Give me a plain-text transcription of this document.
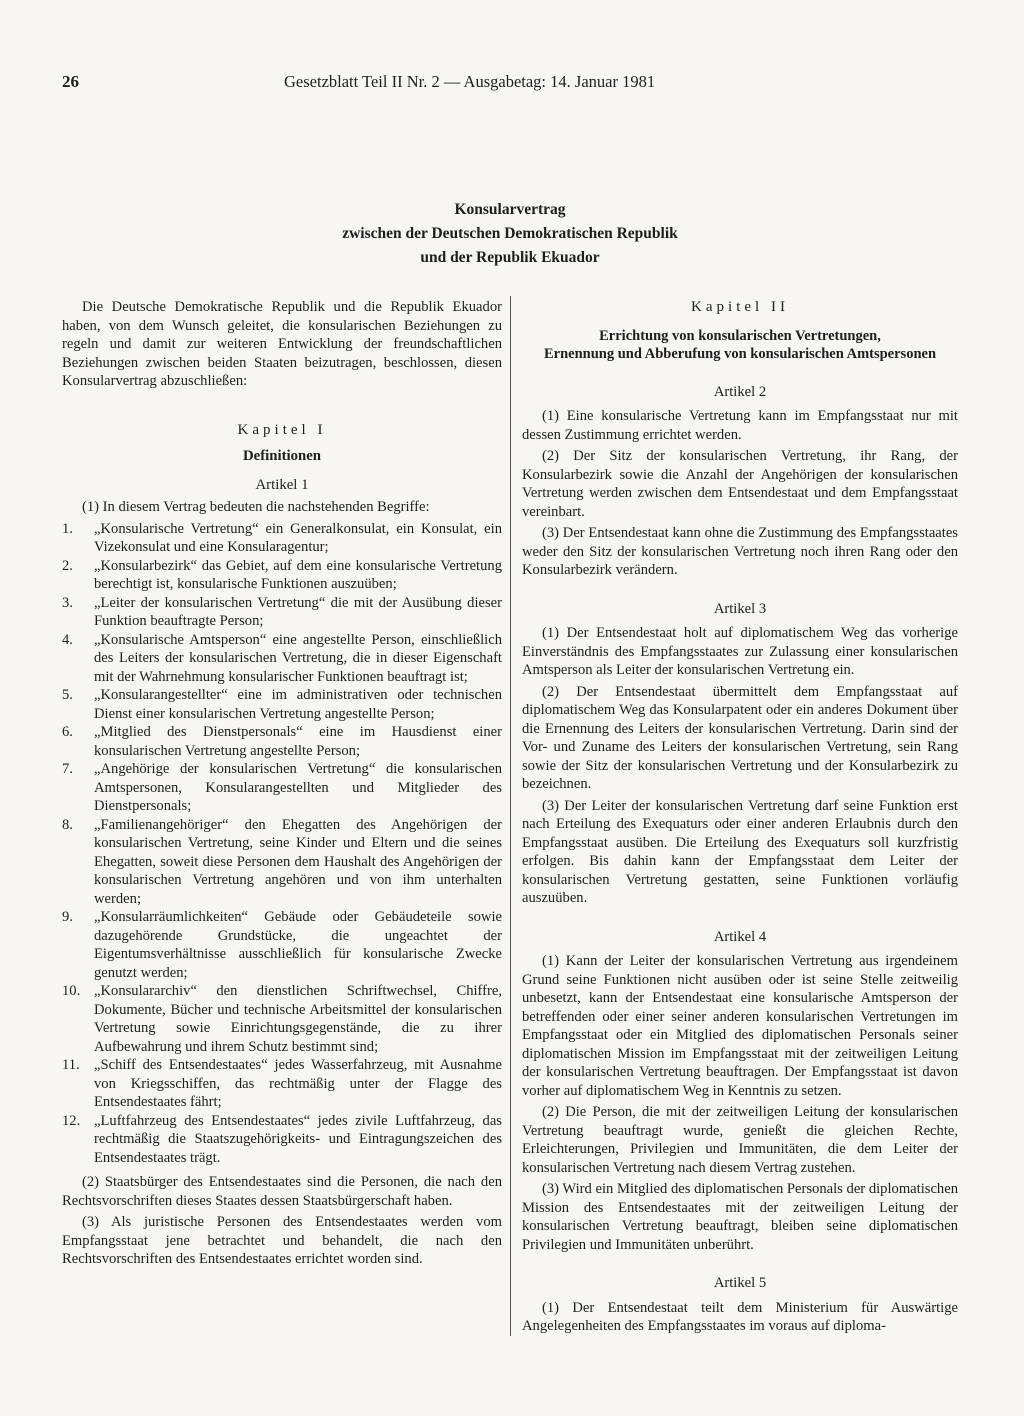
26	Gesetzblatt Teil II Nr. 2 — Ausgabetag: 14. Januar 1981
Konsularvertrag
zwischen der Deutschen Demokratischen Republik
und der Republik Ekuador

Die Deutsche Demokratische Republik und die Republik Ekuador haben, von dem Wunsch geleitet, die konsularischen Beziehungen zu regeln und damit zur weiteren Entwicklung der freundschaftlichen Beziehungen zwischen beiden Staaten beizutragen, beschlossen, diesen Konsularvertrag abzuschließen:

Kapitel I
Definitionen
Artikel 1

(1) In diesem Vertrag bedeuten die nachstehenden Begriffe:

1.	„Konsularische Vertretung“ ein Generalkonsulat, ein Konsulat, ein Vizekonsulat und eine Konsularagentur;
2.	„Konsularbezirk“ das Gebiet, auf dem eine konsularische Vertretung berechtigt ist, konsularische Funktionen auszuüben;
3.	„Leiter der konsularischen Vertretung“ die mit der Ausübung dieser Funktion beauftragte Person;
4.	„Konsularische Amtsperson“ eine angestellte Person, einschließlich des Leiters der konsularischen Vertretung, die in dieser Eigenschaft mit der Wahrnehmung konsularischer Funktionen beauftragt ist;
5.	„Konsularangestellter“ eine im administrativen oder technischen Dienst einer konsularischen Vertretung angestellte Person;
6.	„Mitglied des Dienstpersonals“ eine im Hausdienst einer konsularischen Vertretung angestellte Person;
7.	„Angehörige der konsularischen Vertretung“ die konsularischen Amtspersonen, Konsularangestellten und Mitglieder des Dienstpersonals;
8.	„Familienangehöriger“ den Ehegatten des Angehörigen der konsularischen Vertretung, seine Kinder und Eltern und die seines Ehegatten, soweit diese Personen dem Haushalt des Angehörigen der konsularischen Vertretung angehören und von ihm unterhalten werden;
9.	„Konsularräumlichkeiten“ Gebäude oder Gebäudeteile sowie dazugehörende Grundstücke, die ungeachtet der Eigentumsverhältnisse ausschließlich für konsularische Zwecke genutzt werden;
10. „Konsulararchiv“ den dienstlichen Schriftwechsel, Chiffre, Dokumente, Bücher und technische Arbeitsmittel der konsularischen Vertretung sowie Einrichtungsgegenstände, die zu ihrer Aufbewahrung und ihrem Schutz bestimmt sind;
11. „Schiff des Entsendestaates“ jedes Wasserfahrzeug, mit Ausnahme von Kriegsschiffen, das rechtmäßig unter der Flagge des Entsendestaates fährt;
12. „Luftfahrzeug des Entsendestaates“ jedes zivile Luftfahrzeug, das rechtmäßig die Staatszugehörigkeits- und Eintragungszeichen des Entsendestaates trägt.

(2) Staatsbürger des Entsendestaates sind die Personen, die nach den Rechtsvorschriften dieses Staates dessen Staatsbürgerschaft haben.

(3) Als juristische Personen des Entsendestaates werden vom Empfangsstaat jene betrachtet und behandelt, die nach den Rechtsvorschriften des Entsendestaates errichtet worden sind.

Kapitel II
Errichtung von konsularischen Vertretungen,
Ernennung und Abberufung von konsularischen Amtspersonen
Artikel 2

(1) Eine konsularische Vertretung kann im Empfangsstaat nur mit dessen Zustimmung errichtet werden.

(2) Der Sitz der konsularischen Vertretung, ihr Rang, der Konsularbezirk sowie die Anzahl der Angehörigen der konsularischen Vertretung werden zwischen dem Entsendestaat und dem Empfangsstaat vereinbart.

(3) Der Entsendestaat kann ohne die Zustimmung des Empfangsstaates weder den Sitz der konsularischen Vertretung noch ihren Rang oder den Konsularbezirk verändern.

Artikel 3

(1) Der Entsendestaat holt auf diplomatischem Weg das vorherige Einverständnis des Empfangsstaates zur Zulassung einer konsularischen Amtsperson als Leiter der konsularischen Vertretung ein.

(2) Der Entsendestaat übermittelt dem Empfangsstaat auf diplomatischem Weg das Konsularpatent oder ein anderes Dokument über die Ernennung des Leiters der konsularischen Vertretung. Darin sind der Vor- und Zuname des Leiters der konsularischen Vertretung, sein Rang sowie der Sitz der konsularischen Vertretung und der Konsularbezirk zu bezeichnen.

(3) Der Leiter der konsularischen Vertretung darf seine Funktion erst nach Erteilung des Exequaturs oder einer anderen Erlaubnis durch den Empfangsstaat ausüben. Die Erteilung des Exequaturs soll kurzfristig erfolgen. Bis dahin kann der Empfangsstaat dem Leiter der konsularischen Vertretung gestatten, seine Funktionen vorläufig auszuüben.

Artikel 4

(1) Kann der Leiter der konsularischen Vertretung aus irgendeinem Grund seine Funktionen nicht ausüben oder ist seine Stelle zeitweilig unbesetzt, kann der Entsendestaat eine konsularische Amtsperson der betreffenden oder einer seiner anderen konsularischen Vertretungen im Empfangsstaat oder ein Mitglied des diplomatischen Personals seiner diplomatischen Mission im Empfangsstaat mit der zeitweiligen Leitung der konsularischen Vertretung beauftragen. Der Empfangsstaat ist davon vorher auf diplomatischem Weg in Kenntnis zu setzen.

(2) Die Person, die mit der zeitweiligen Leitung der konsularischen Vertretung beauftragt wurde, genießt die gleichen Rechte, Erleichterungen, Privilegien und Immunitäten, die dem Leiter der konsularischen Vertretung nach diesem Vertrag zustehen.

(3) Wird ein Mitglied des diplomatischen Personals der diplomatischen Mission des Entsendestaates mit der zeitweiligen Leitung der konsularischen Vertretung beauftragt, bleiben seine diplomatischen Privilegien und Immunitäten unberührt.

Artikel 5

(1) Der Entsendestaat teilt dem Ministerium für Auswärtige Angelegenheiten des Empfangsstaates im voraus auf diploma-
